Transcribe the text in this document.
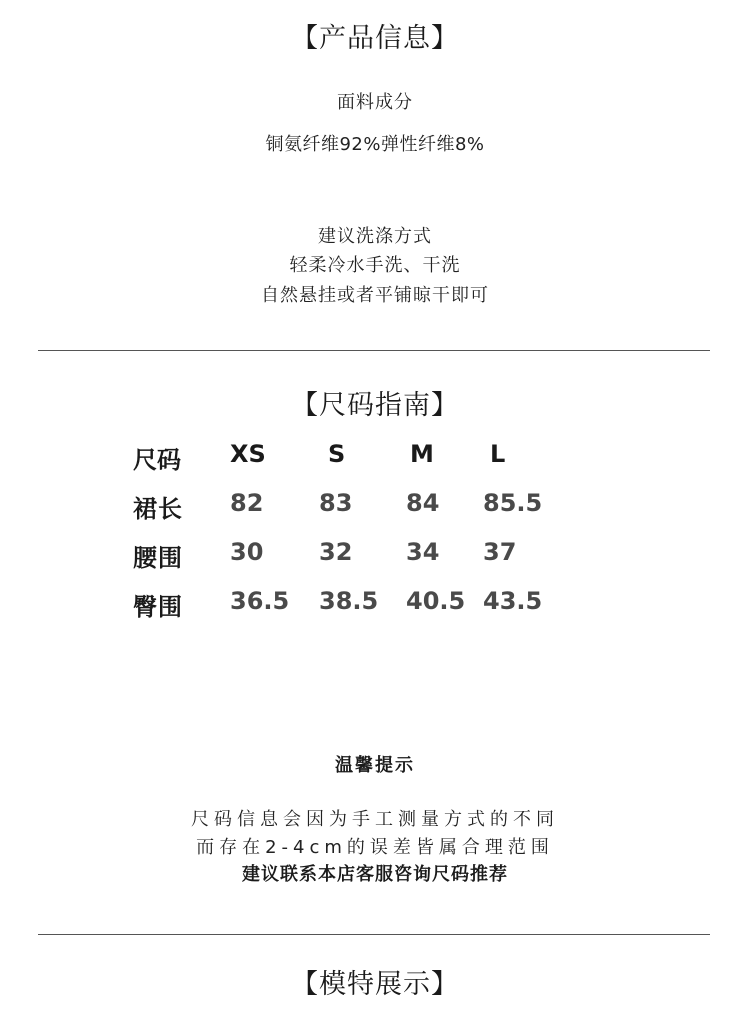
【产品信息】
面料成分
铜氨纤维92%弹性纤维8%
建议洗涤方式
轻柔冷水手洗、干洗
自然悬挂或者平铺晾干即可
【尺码指南】
尺码 XS	S	M L
裙长 82 83 84 85.5
腰围 30 32 34 37
臀围 36.5 38.5 40.5 43.5
温馨提示
尺码信息会因为手工测量方式的不同
而存在2-4cm的误差皆属合理范围
建议联系本店客服咨询尺码推荐
【模特展示】
